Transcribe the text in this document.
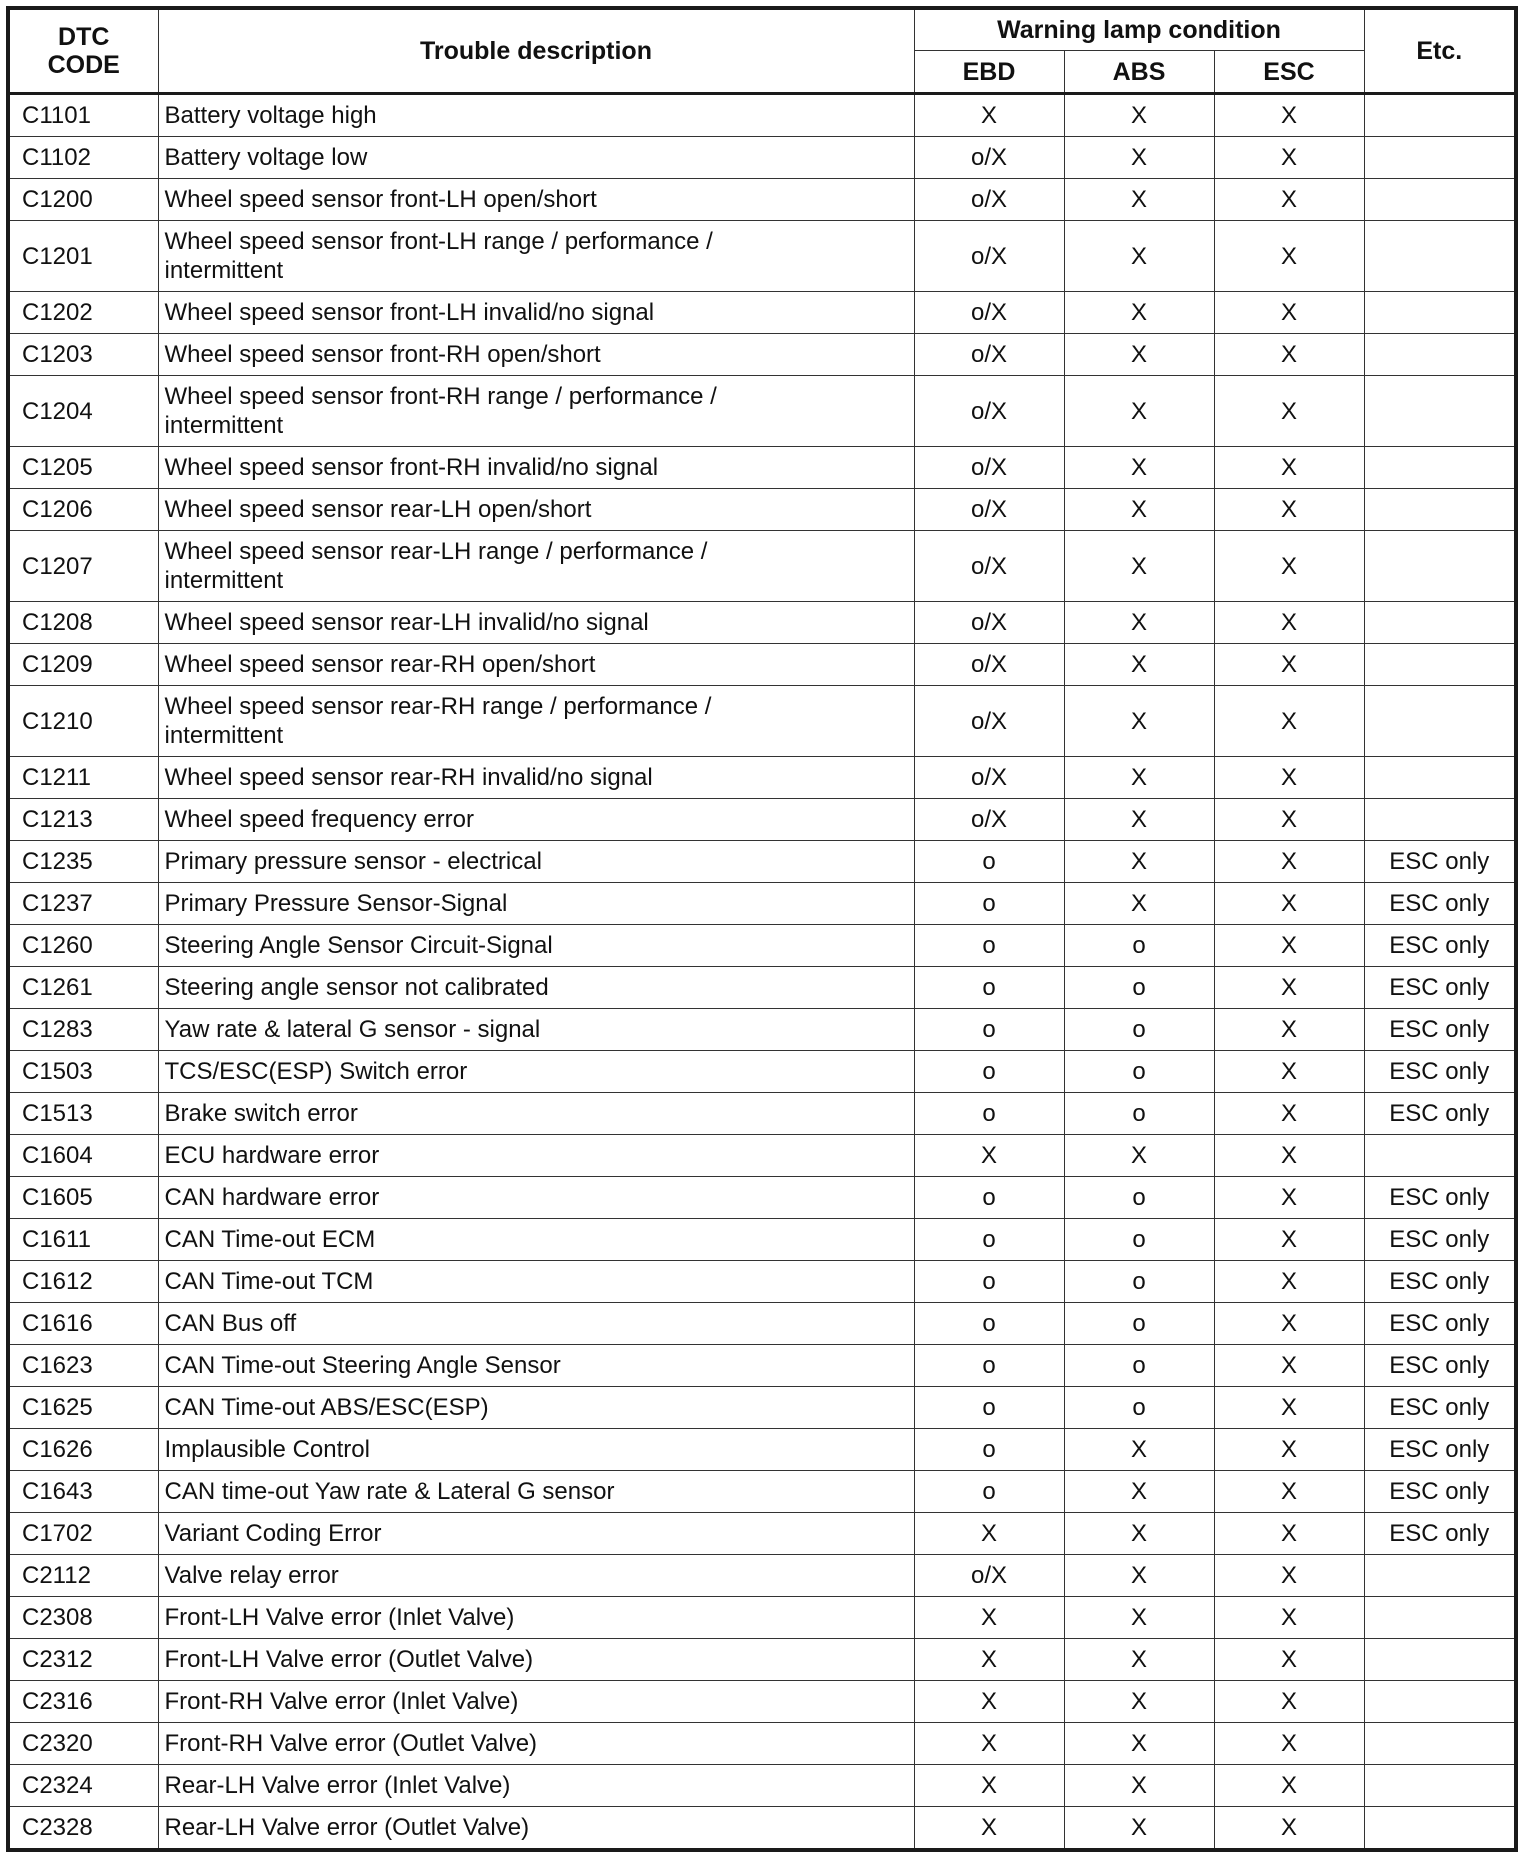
DTC CODE	Trouble description	Warning lamp condition			Etc.
		EBD	ABS	ESC	
C1101	Battery voltage high	X	X	X	
C1102	Battery voltage low	o/X	X	X	
C1200	Wheel speed sensor front-LH open/short	o/X	X	X	
C1201	Wheel speed sensor front-LH range / performance / intermittent	o/X	X	X	
C1202	Wheel speed sensor front-LH invalid/no signal	o/X	X	X	
C1203	Wheel speed sensor front-RH open/short	o/X	X	X	
C1204	Wheel speed sensor front-RH range / performance / intermittent	o/X	X	X	
C1205	Wheel speed sensor front-RH invalid/no signal	o/X	X	X	
C1206	Wheel speed sensor rear-LH open/short	o/X	X	X	
C1207	Wheel speed sensor rear-LH range / performance / intermittent	o/X	X	X	
C1208	Wheel speed sensor rear-LH invalid/no signal	o/X	X	X	
C1209	Wheel speed sensor rear-RH open/short	o/X	X	X	
C1210	Wheel speed sensor rear-RH range / performance / intermittent	o/X	X	X	
C1211	Wheel speed sensor rear-RH invalid/no signal	o/X	X	X	
C1213	Wheel speed frequency error	o/X	X	X	
C1235	Primary pressure sensor - electrical	o	X	X	ESC only
C1237	Primary Pressure Sensor-Signal	o	X	X	ESC only
C1260	Steering Angle Sensor Circuit-Signal	o	o	X	ESC only
C1261	Steering angle sensor not calibrated	o	o	X	ESC only
C1283	Yaw rate & lateral G sensor - signal	o	o	X	ESC only
C1503	TCS/ESC(ESP) Switch error	o	o	X	ESC only
C1513	Brake switch error	o	o	X	ESC only
C1604	ECU hardware error	X	X	X	
C1605	CAN hardware error	o	o	X	ESC only
C1611	CAN Time-out ECM	o	o	X	ESC only
C1612	CAN Time-out TCM	o	o	X	ESC only
C1616	CAN Bus off	o	o	X	ESC only
C1623	CAN Time-out Steering Angle Sensor	o	o	X	ESC only
C1625	CAN Time-out ABS/ESC(ESP)	o	o	X	ESC only
C1626	Implausible Control	o	X	X	ESC only
C1643	CAN time-out Yaw rate & Lateral G sensor	o	X	X	ESC only
C1702	Variant Coding Error	X	X	X	ESC only
C2112	Valve relay error	o/X	X	X	
C2308	Front-LH Valve error (Inlet Valve)	X	X	X	
C2312	Front-LH Valve error (Outlet Valve)	X	X	X	
C2316	Front-RH Valve error (Inlet Valve)	X	X	X	
C2320	Front-RH Valve error (Outlet Valve)	X	X	X	
C2324	Rear-LH Valve error (Inlet Valve)	X	X	X	
C2328	Rear-LH Valve error (Outlet Valve)	X	X	X	
